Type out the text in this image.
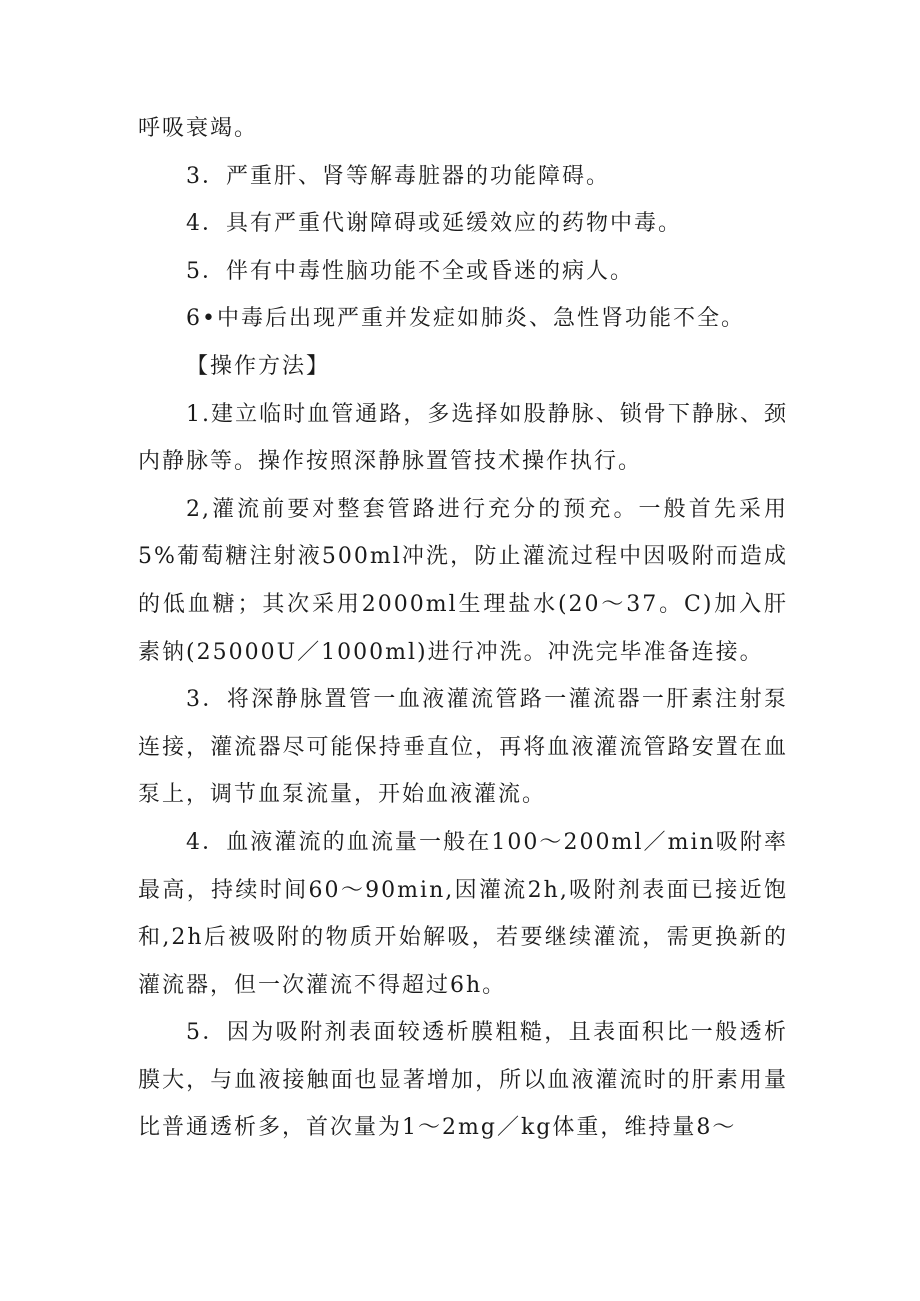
呼吸衰竭。

3．严重肝、肾等解毒脏器的功能障碍。

4．具有严重代谢障碍或延缓效应的药物中毒。

5．伴有中毒性脑功能不全或昏迷的病人。

6•中毒后出现严重并发症如肺炎、急性肾功能不全。

【操作方法】

1.建立临时血管通路，多选择如股静脉、锁骨下静脉、颈内静脉等。操作按照深静脉置管技术操作执行。

2,灌流前要对整套管路进行充分的预充。一般首先采用5%葡萄糖注射液500ml冲洗，防止灌流过程中因吸附而造成的低血糖；其次采用2000ml生理盐水(20～37。C)加入肝素钠(25000U／1000ml)进行冲洗。冲洗完毕准备连接。

3．将深静脉置管一血液灌流管路一灌流器一肝素注射泵连接，灌流器尽可能保持垂直位，再将血液灌流管路安置在血泵上，调节血泵流量，开始血液灌流。

4．血液灌流的血流量一般在100～200ml／min吸附率最高，持续时间60～90min,因灌流2h,吸附剂表面已接近饱和,2h后被吸附的物质开始解吸，若要继续灌流，需更换新的灌流器，但一次灌流不得超过6h。

5．因为吸附剂表面较透析膜粗糙，且表面积比一般透析膜大，与血液接触面也显著增加，所以血液灌流时的肝素用量比普通透析多，首次量为1～2mg／kg体重，维持量8～
